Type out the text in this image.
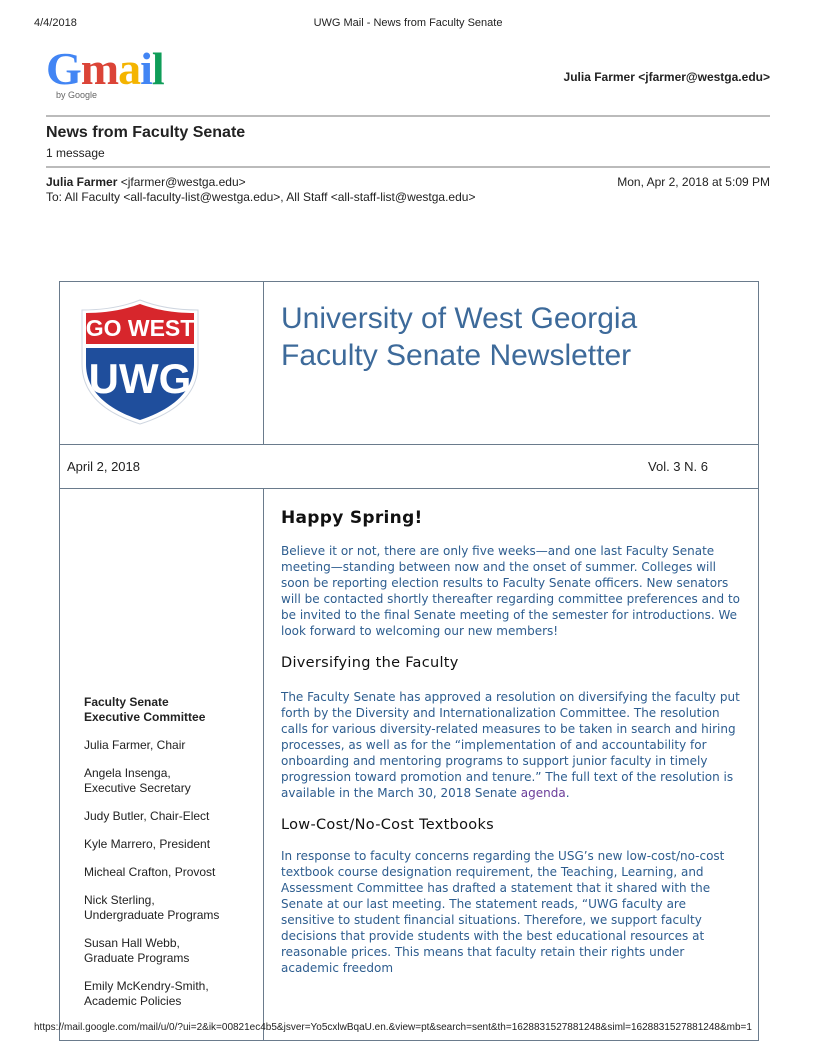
4/4/2018	UWG Mail - News from Faculty Senate
Gmail
by Google
Julia Farmer <jfarmer@westga.edu>
News from Faculty Senate
1 message
Julia Farmer <jfarmer@westga.edu>	Mon, Apr 2, 2018 at 5:09 PM
To: All Faculty <all-faculty-list@westga.edu>, All Staff <all-staff-list@westga.edu>
GO WEST
UWG
University of West Georgia
Faculty Senate Newsletter
April 2, 2018	Vol. 3 N. 6
Faculty Senate
Executive Committee
Julia Farmer, Chair
Angela Insenga,
Executive Secretary
Judy Butler, Chair-Elect
Kyle Marrero, President
Micheal Crafton, Provost
Nick Sterling,
Undergraduate Programs
Susan Hall Webb,
Graduate Programs
Emily McKendry-Smith,
Academic Policies
Happy Spring!

Believe it or not, there are only five weeks—and one last Faculty Senate meeting—standing between now and the onset of summer. Colleges will soon be reporting election results to Faculty Senate officers. New senators will be contacted shortly thereafter regarding committee preferences and to be invited to the final Senate meeting of the semester for introductions. We look forward to welcoming our new members!

Diversifying the Faculty

The Faculty Senate has approved a resolution on diversifying the faculty put forth by the Diversity and Internationalization Committee. The resolution calls for various diversity-related measures to be taken in search and hiring processes, as well as for the “implementation of and accountability for onboarding and mentoring programs to support junior faculty in timely progression toward promotion and tenure.” The full text of the resolution is available in the March 30, 2018 Senate agenda.

Low-Cost/No-Cost Textbooks

In response to faculty concerns regarding the USG’s new low-cost/no-cost textbook course designation requirement, the Teaching, Learning, and Assessment Committee has drafted a statement that it shared with the Senate at our last meeting. The statement reads, “UWG faculty are sensitive to student financial situations. Therefore, we support faculty decisions that provide students with the best educational resources at reasonable prices. This means that faculty retain their rights under academic freedom

https://mail.google.com/mail/u/0/?ui=2&ik=00821ec4b5&jsver=Yo5cxlwBqaU.en.&view=pt&search=sent&th=1628831527881248&siml=1628831527881248&mb=1
